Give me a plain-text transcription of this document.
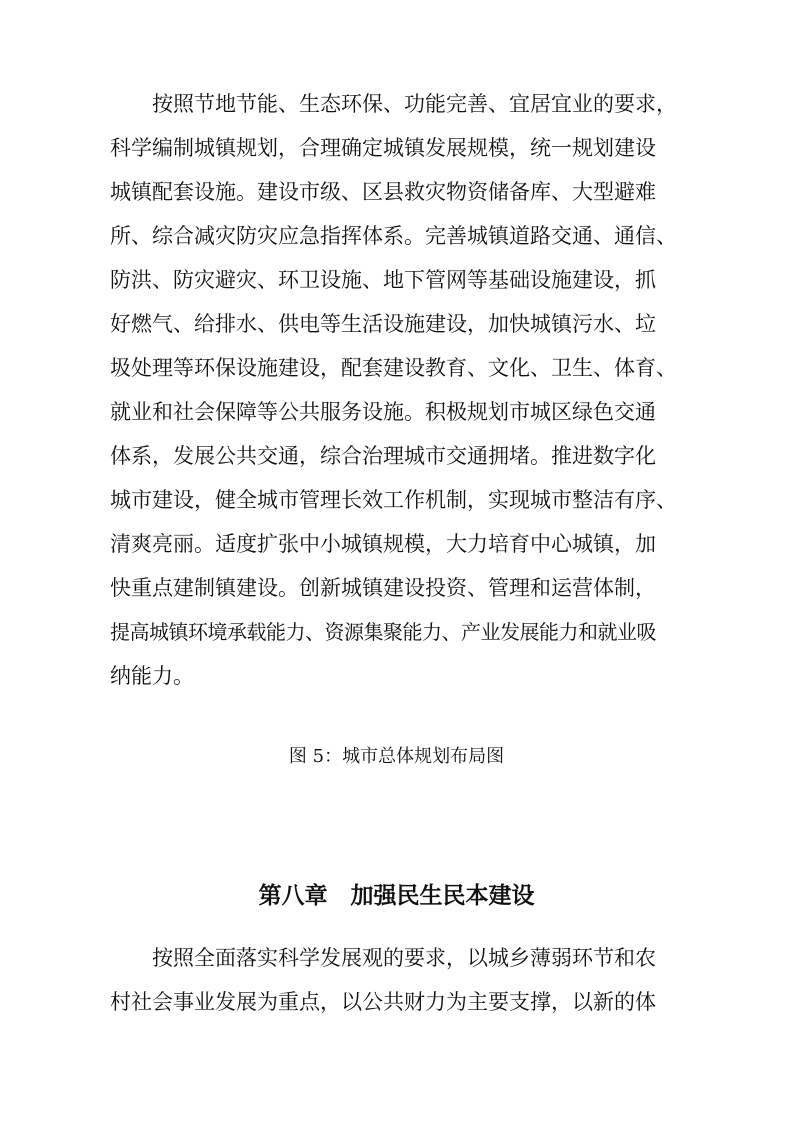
按照节地节能、生态环保、功能完善、宜居宜业的要求，
科学编制城镇规划，合理确定城镇发展规模，统一规划建设
城镇配套设施。建设市级、区县救灾物资储备库、大型避难
所、综合减灾防灾应急指挥体系。完善城镇道路交通、通信、
防洪、防灾避灾、环卫设施、地下管网等基础设施建设，抓
好燃气、给排水、供电等生活设施建设，加快城镇污水、垃
圾处理等环保设施建设，配套建设教育、文化、卫生、体育、
就业和社会保障等公共服务设施。积极规划市城区绿色交通
体系，发展公共交通，综合治理城市交通拥堵。推进数字化
城市建设，健全城市管理长效工作机制，实现城市整洁有序、
清爽亮丽。适度扩张中小城镇规模，大力培育中心城镇，加
快重点建制镇建设。创新城镇建设投资、管理和运营体制，
提高城镇环境承载能力、资源集聚能力、产业发展能力和就业吸
纳能力。
图 5：城市总体规划布局图
第八章　加强民生民本建设
按照全面落实科学发展观的要求，以城乡薄弱环节和农
村社会事业发展为重点，以公共财力为主要支撑，以新的体
